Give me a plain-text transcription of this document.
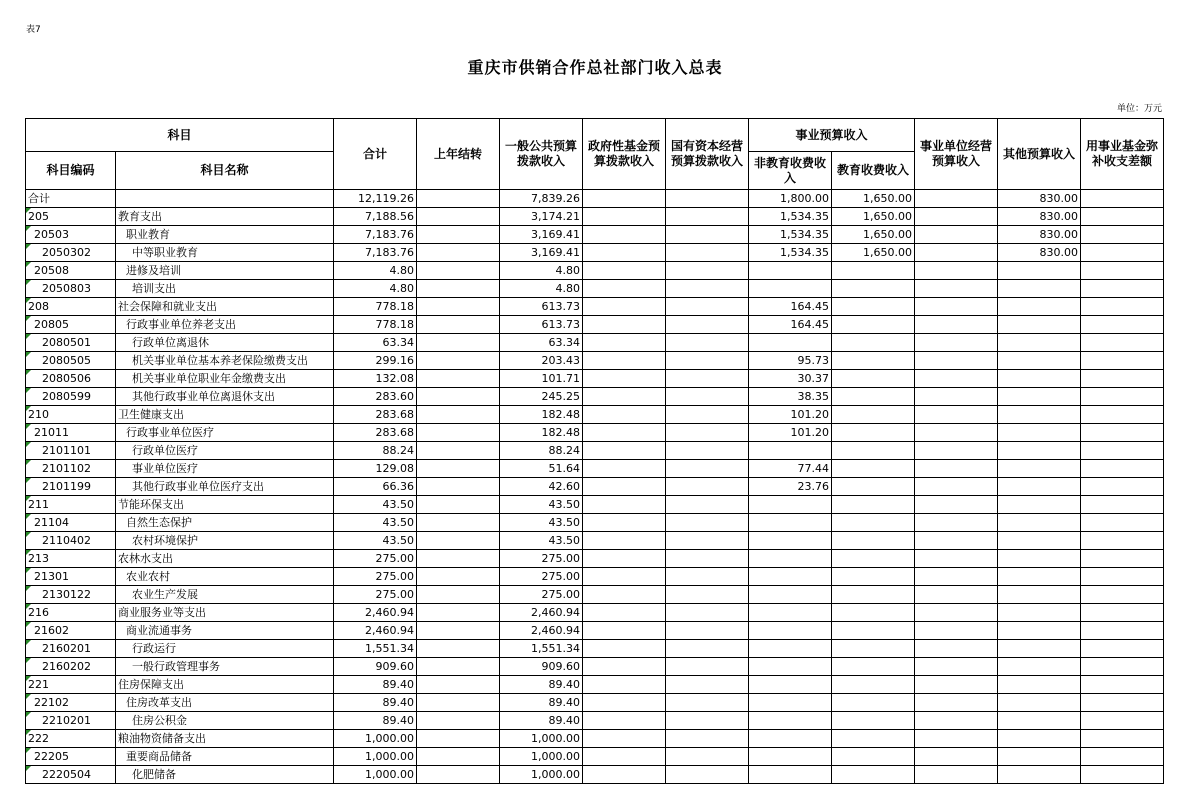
表7
重庆市供销合作总社部门收入总表
单位：万元
科目		合计	上年结转	一般公共预算拨款收入	政府性基金预算拨款收入	国有资本经营预算拨款收入	事业预算收入		事业单位经营预算收入	其他预算收入	用事业基金弥补收支差额
科目编码	科目名称						非教育收费收入	教育收费收入			
合计		12,119.26		7,839.26			1,800.00	1,650.00		830.00	

205	教育支出	7,188.56		3,174.21			1,534.35	1,650.00		830.00	

20503	职业教育	7,183.76		3,169.41			1,534.35	1,650.00		830.00	

2050302	中等职业教育	7,183.76		3,169.41			1,534.35	1,650.00		830.00	

20508	进修及培训	4.80		4.80							

2050803	培训支出	4.80		4.80							

208	社会保障和就业支出	778.18		613.73			164.45				

20805	行政事业单位养老支出	778.18		613.73			164.45				

2080501	行政单位离退休	63.34		63.34							

2080505	机关事业单位基本养老保险缴费支出	299.16		203.43			95.73				

2080506	机关事业单位职业年金缴费支出	132.08		101.71			30.37				

2080599	其他行政事业单位离退休支出	283.60		245.25			38.35				

210	卫生健康支出	283.68		182.48			101.20				

21011	行政事业单位医疗	283.68		182.48			101.20				

2101101	行政单位医疗	88.24		88.24							

2101102	事业单位医疗	129.08		51.64			77.44				

2101199	其他行政事业单位医疗支出	66.36		42.60			23.76				

211	节能环保支出	43.50		43.50							

21104	自然生态保护	43.50		43.50							

2110402	农村环境保护	43.50		43.50							

213	农林水支出	275.00		275.00							

21301	农业农村	275.00		275.00							

2130122	农业生产发展	275.00		275.00							

216	商业服务业等支出	2,460.94		2,460.94							

21602	商业流通事务	2,460.94		2,460.94							

2160201	行政运行	1,551.34		1,551.34							

2160202	一般行政管理事务	909.60		909.60							

221	住房保障支出	89.40		89.40							

22102	住房改革支出	89.40		89.40							

2210201	住房公积金	89.40		89.40							

222	粮油物资储备支出	1,000.00		1,000.00							

22205	重要商品储备	1,000.00		1,000.00							

2220504	化肥储备	1,000.00		1,000.00							
